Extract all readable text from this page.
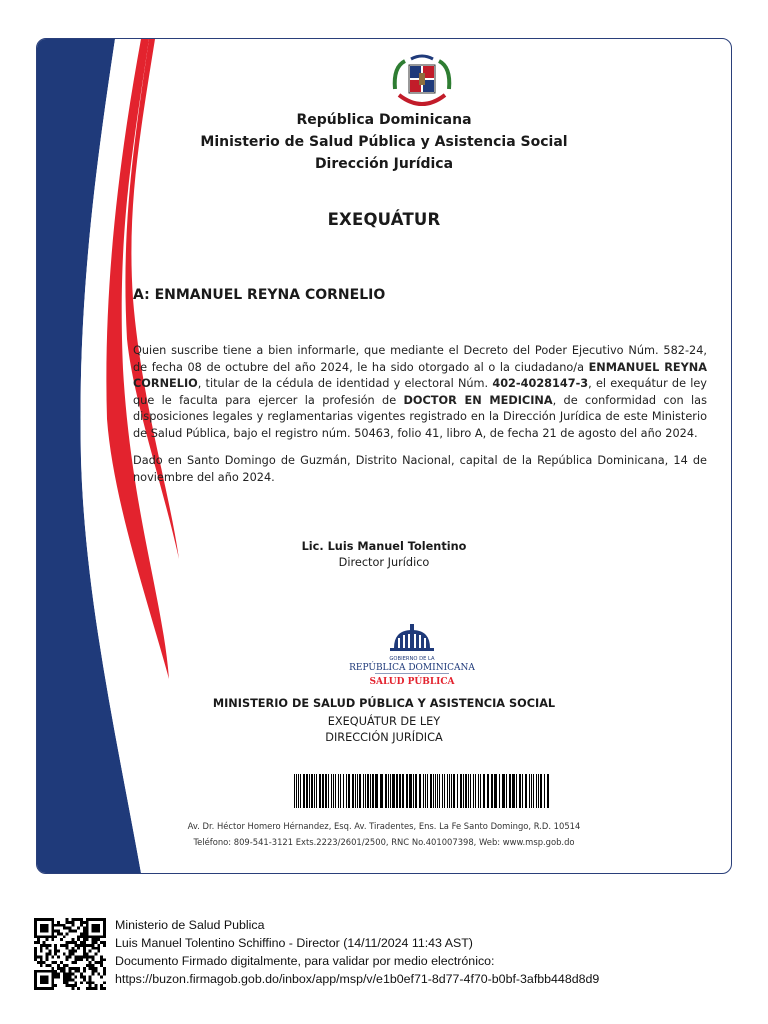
República Dominicana
Ministerio de Salud Pública y Asistencia Social
Dirección Jurídica
EXEQUÁTUR
A: ENMANUEL REYNA CORNELIO
Quien suscribe tiene a bien informarle, que mediante el Decreto del Poder Ejecutivo Núm. 582-24, de fecha 08 de octubre del año 2024, le ha sido otorgado al o la ciudadano/a ENMANUEL REYNA CORNELIO, titular de la cédula de identidad y electoral Núm. 402-4028147-3, el exequátur de ley que le faculta para ejercer la profesión de DOCTOR EN MEDICINA, de conformidad con las disposiciones legales y reglamentarias vigentes registrado en la Dirección Jurídica de este Ministerio de Salud Pública, bajo el registro núm. 50463, folio 41, libro A, de fecha 21 de agosto del año 2024.
Dado en Santo Domingo de Guzmán, Distrito Nacional, capital de la República Dominicana, 14 de noviembre del año 2024.
Lic. Luis Manuel Tolentino
Director Jurídico
GOBIERNO DE LA
REPÚBLICA DOMINICANA
SALUD PÚBLICA
MINISTERIO DE SALUD PÚBLICA Y ASISTENCIA SOCIAL
EXEQUÁTUR DE LEY
DIRECCIÓN JURÍDICA
Av. Dr. Héctor Homero Hérnandez, Esq. Av. Tiradentes, Ens. La Fe Santo Domingo, R.D. 10514
Teléfono: 809-541-3121 Exts.2223/2601/2500, RNC No.401007398, Web: www.msp.gob.do
Ministerio de Salud Publica
Luis Manuel Tolentino Schiffino - Director (14/11/2024 11:43 AST)
Documento Firmado digitalmente, para validar por medio electrónico:
https://buzon.firmagob.gob.do/inbox/app/msp/v/e1b0ef71-8d77-4f70-b0bf-3afbb448d8d9
